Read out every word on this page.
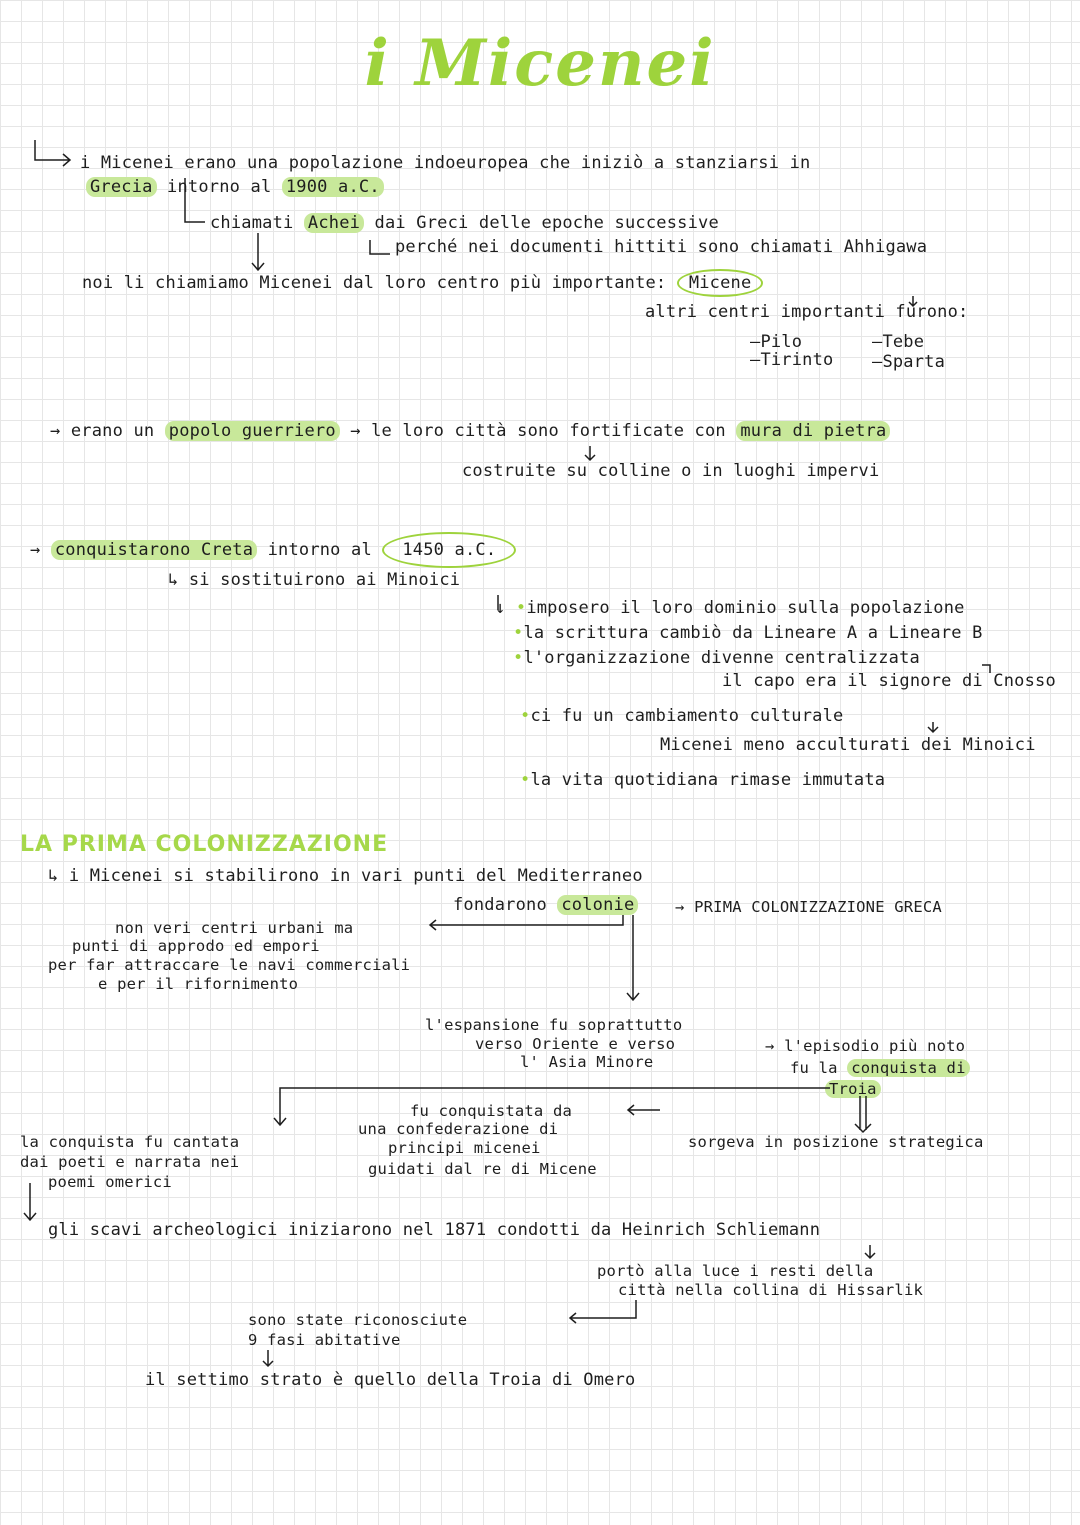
i Micenei
i Micenei erano una popolazione indoeuropea che iniziò a stanziarsi in
Grecia intorno al 1900 a.C.
chiamati Achei dai Greci delle epoche successive
perché nei documenti hittiti sono chiamati Ahhigawa
noi li chiamiamo Micenei dal loro centro più importante: Micene
altri centri importanti furono:
–Pilo
–Tirinto
–Tebe
–Sparta
→ erano un popolo guerriero → le loro città sono fortificate con mura di pietra
costruite su colline o in luoghi impervi
→ conquistarono Creta intorno al 1450 a.C.
↳ si sostituirono ai Minoici
↓ •imposero il loro dominio sulla popolazione
•la scrittura cambiò da Lineare A a Lineare B
•l'organizzazione divenne centralizzata
il capo era il signore di Cnosso
•ci fu un cambiamento culturale
Micenei meno acculturati dei Minoici
•la vita quotidiana rimase immutata
LA PRIMA COLONIZZAZIONE
↳ i Micenei si stabilirono in vari punti del Mediterraneo
fondarono colonie	→ PRIMA COLONIZZAZIONE GRECA
non veri centri urbani ma
punti di approdo ed empori
per far attraccare le navi commerciali
e per il rifornimento
l'espansione fu soprattutto
verso Oriente e verso
l' Asia Minore
→ l'episodio più noto
fu la conquista di
Troia
la conquista fu cantata
dai poeti e narrata nei
poemi omerici
fu conquistata da
una confederazione di
principi micenei
guidati dal re di Micene
sorgeva in posizione strategica
gli scavi archeologici iniziarono nel 1871 condotti da Heinrich Schliemann
portò alla luce i resti della
città nella collina di Hissarlik
sono state riconosciute
9 fasi abitative
il settimo strato è quello della Troia di Omero
